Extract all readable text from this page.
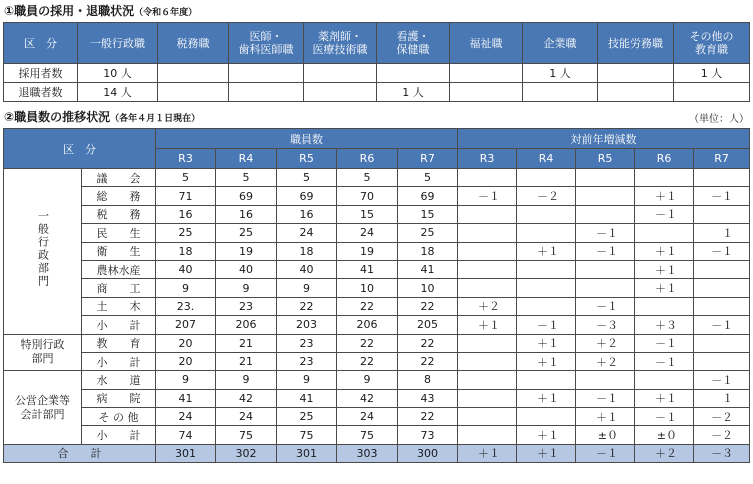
①職員の採用・退職状況（令和６年度）
区　分	一般行政職	税務職	医師・
歯科医師職	薬剤師・
医療技術職	看護・
保健職	福祉職	企業職	技能労務職	その他の
教育職
採用者数	10 人						1 人		1 人
退職者数	14 人				1 人				
②職員数の推移状況（各年４月１日現在）	（単位：人）
区　分		職員数					対前年増減数				
		R3	R4	R5	R6	R7	R3	R4	R5	R6	R7
一般行政部門	議　　会	5	5	5	5	5					
	総　　務	71	69	69	70	69	－１	－２		＋１	－１
	税　　務	16	16	16	15	15				－１	
	民　　生	25	25	24	24	25			－１		１
	衛　　生	18	19	18	19	18		＋１	－１	＋１	－１
	農林水産	40	40	40	41	41				＋１	
	商　　工	9	9	9	10	10				＋１	
	土　　木	23.	23	22	22	22	＋２		－１		
	小　　計	207	206	203	206	205	＋１	－１	－３	＋３	－１
特別行政
部門	教　　育	20	21	23	22	22		＋１	＋２	－１	
	小　　計	20	21	23	22	22		＋１	＋２	－１	
公営企業等
会計部門	水　　道	9	9	9	9	8					－１
	病　　院	41	42	41	42	43		＋１	－１	＋１	１
	そ の 他	24	24	25	24	22			＋１	－１	－２
	小　　計	74	75	75	75	73		＋１	±０	±０	－２
合　　計		301	302	301	303	300	＋１	＋１	－１	＋２	－３
